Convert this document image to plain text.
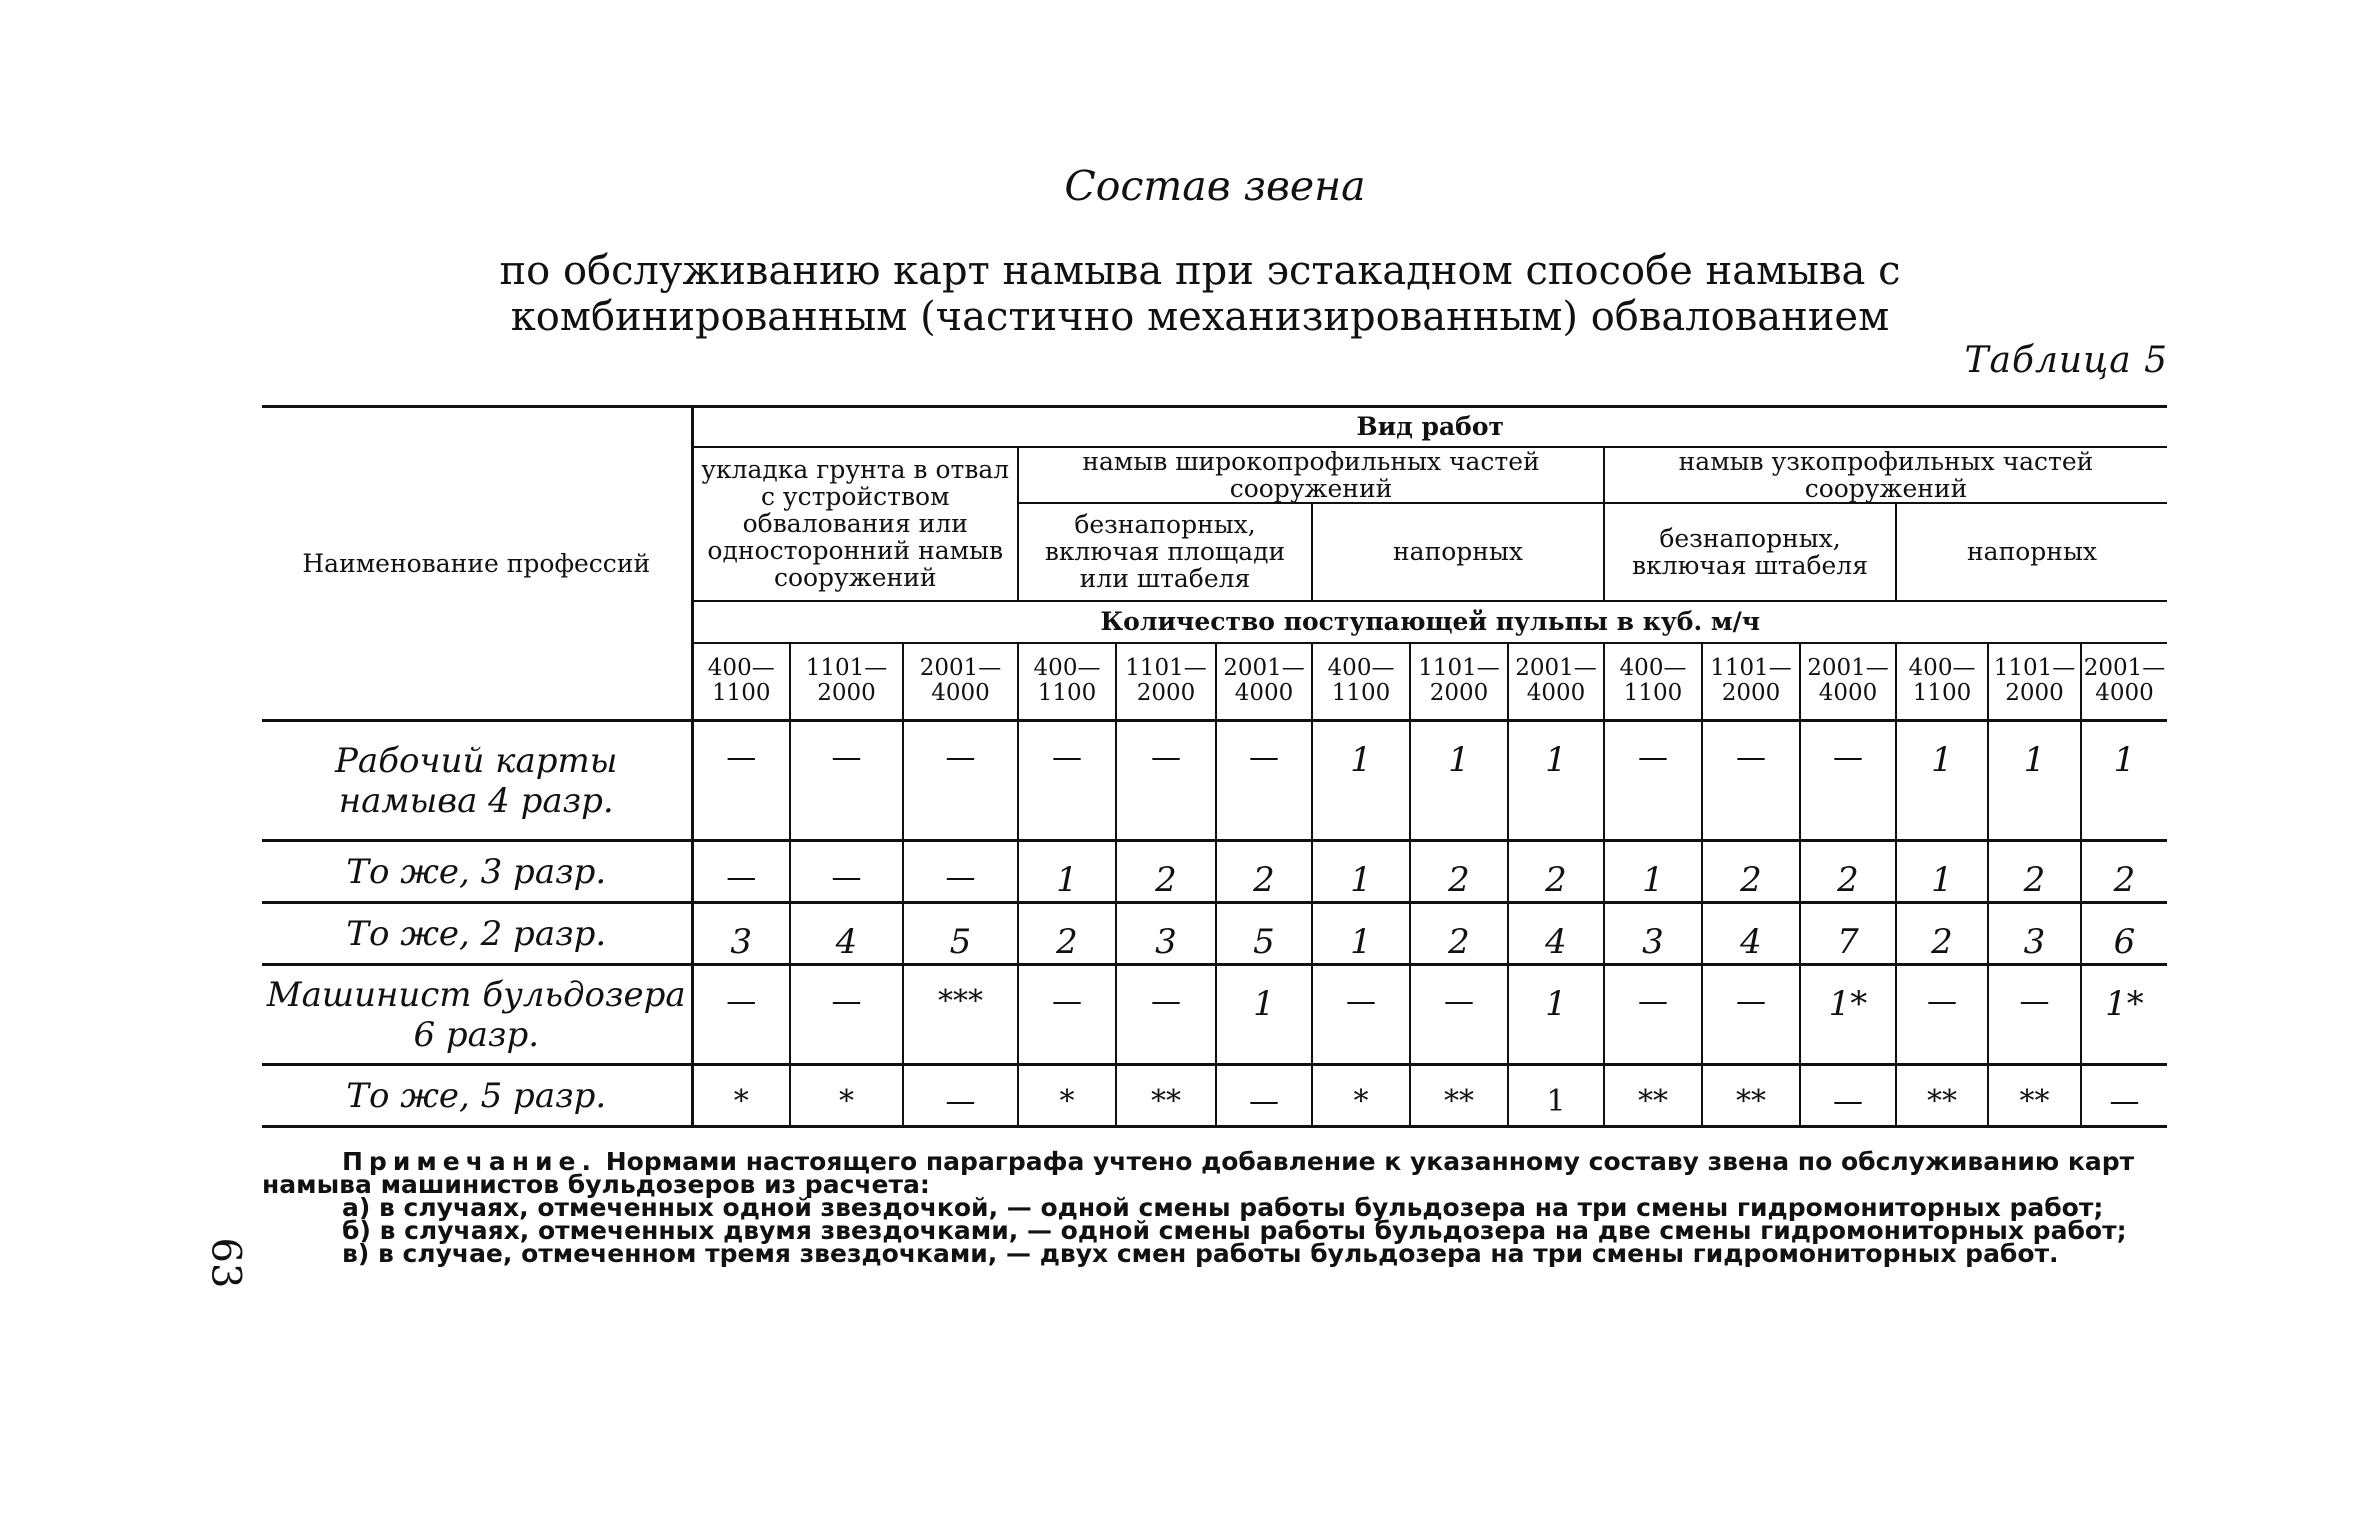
Состав звена
по обслуживанию карт намыва при эстакадном способе намыва с комбинированным (частично механизированным) обвалованием
Таблица 5
Наименование профессий	Вид работ														
	укладка грунта в отвал с устройством обвалования или односторонний намыв сооружений			намыв широкопрофильных частей сооружений						намыв узкопрофильных частей сооружений					
				безнапорных, включая площади или штабеля			напорных			безнапорных, включая штабеля			напорных		
	Количество поступающей пульпы в куб. м/ч														
	400— 1100	1101— 2000	2001— 4000	400— 1100	1101— 2000	2001— 4000	400— 1100	1101— 2000	2001— 4000	400— 1100	1101— 2000	2001— 4000	400— 1100	1101— 2000	2001— 4000
Рабочий карты намыва 4 разр.	—	—	—	—	—	—	1	1	1	—	—	—	1	1	1
То же, 3 разр.	—	—	—	1	2	2	1	2	2	1	2	2	1	2	2
То же, 2 разр.	3	4	5	2	3	5	1	2	4	3	4	7	2	3	6
Машинист бульдозера 6 разр.	—	—	***	—	—	1	—	—	1	—	—	1*	—	—	1*
То же, 5 разр.	*	*	—	*	**	—	*	**	1	**	**	—	**	**	—

Примечание. Нормами настоящего параграфа учтено добавление к указанному составу звена по обслуживанию карт намыва машинистов бульдозеров из расчета:

а) в случаях, отмеченных одной звездочкой, — одной смены работы бульдозера на три смены гидромониторных работ;

б) в случаях, отмеченных двумя звездочками, — одной смены работы бульдозера на две смены гидромониторных работ;

в) в случае, отмеченном тремя звездочками, — двух смен работы бульдозера на три смены гидромониторных работ.

63
